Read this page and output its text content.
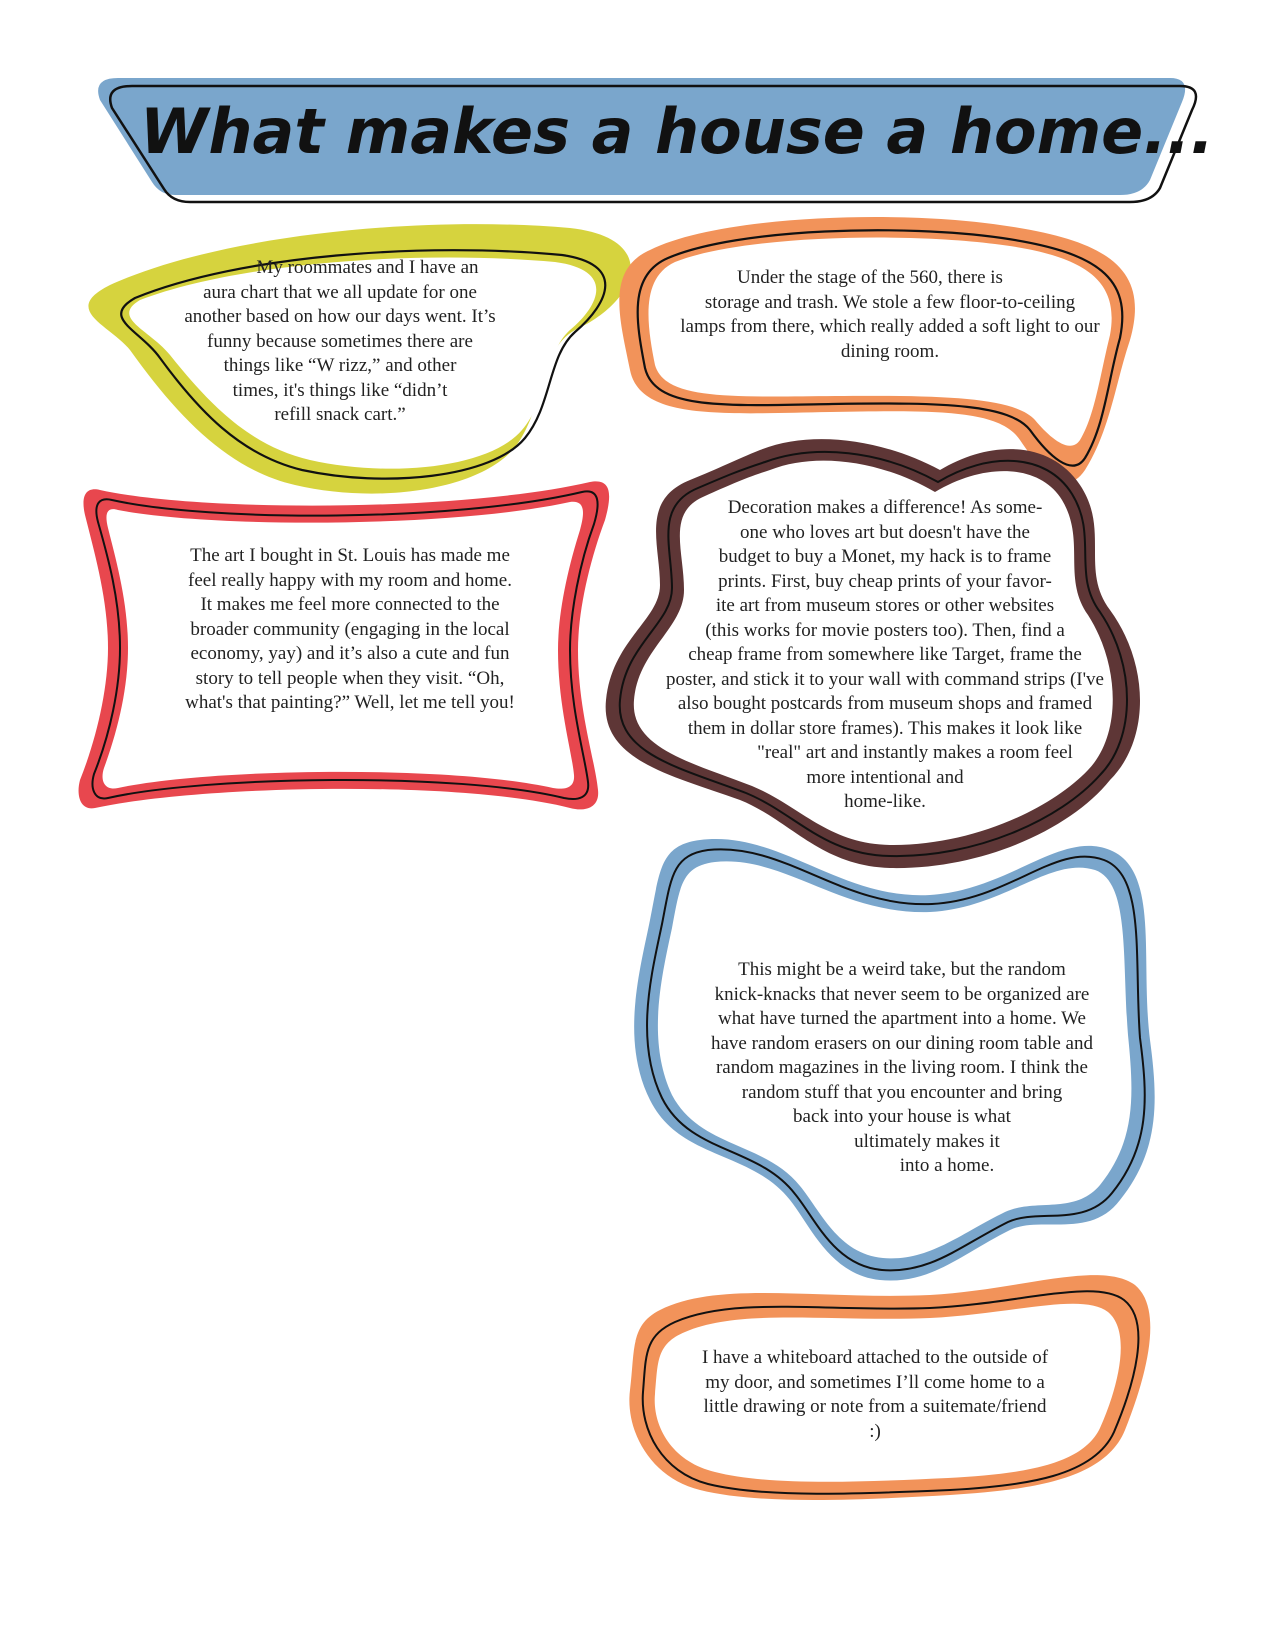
What makes a house a home...
My roommates and I have an
aura chart that we all update for one
another based on how our days went. It’s
funny because sometimes there are
things like “W rizz,” and other
times, it's things like “didn’t
refill snack cart.”
Under the stage of the 560, there is
storage and trash. We stole a few floor-to-ceiling
lamps from there, which really added a soft light to our
dining room.
The art I bought in St. Louis has made me
feel really happy with my room and home.
It makes me feel more connected to the
broader community (engaging in the local
economy, yay) and it’s also a cute and fun
story to tell people when they visit. “Oh,
what's that painting?” Well, let me tell you!
Decoration makes a difference! As some-
one who loves art but doesn't have the
budget to buy a Monet, my hack is to frame
prints. First, buy cheap prints of your favor-
ite art from museum stores or other websites
(this works for movie posters too). Then, find a
cheap frame from somewhere like Target, frame the
poster, and stick it to your wall with command strips (I've
also bought postcards from museum shops and framed
them in dollar store frames). This makes it look like
"real" art and instantly makes a room feel
more intentional and
home-like.
This might be a weird take, but the random
knick-knacks that never seem to be organized are
what have turned the apartment into a home. We
have random erasers on our dining room table and
random magazines in the living room. I think the
random stuff that you encounter and bring
back into your house is what
ultimately makes it
into a home.
I have a whiteboard attached to the outside of
my door, and sometimes I’ll come home to a
little drawing or note from a suitemate/friend
:)
